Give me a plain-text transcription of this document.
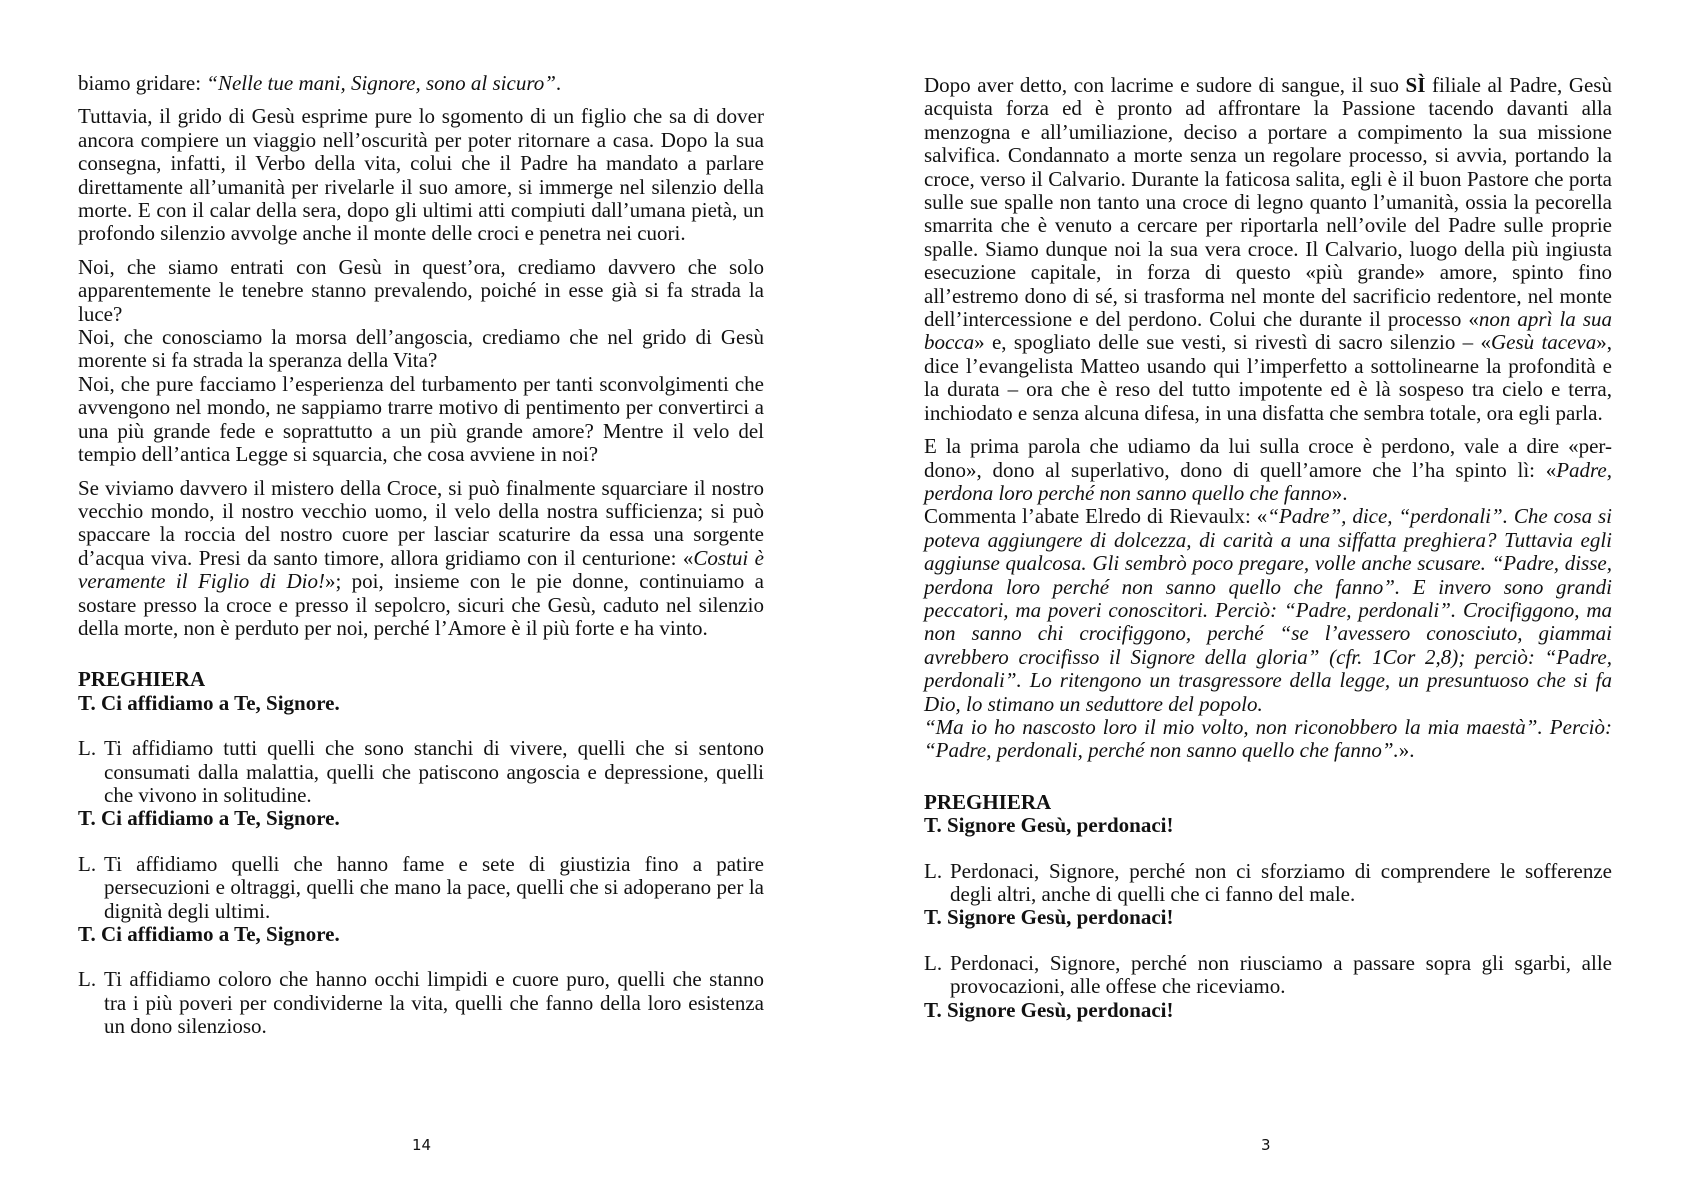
biamo gridare: “Nelle tue mani, Signore, sono al sicuro”.

Tuttavia, il grido di Gesù esprime pure lo sgomento di un figlio che sa di dover ancora compiere un viaggio nell’oscurità per poter ritornare a casa. Dopo la sua consegna, infatti, il Verbo della vita, colui che il Padre ha mandato a parlare direttamente all’umanità per rivelarle il suo amore, si immerge nel silenzio della morte. E con il calar della sera, dopo gli ultimi atti compiuti dall’umana pietà, un profondo silenzio avvolge anche il monte delle croci e penetra nei cuori.

Noi, che siamo entrati con Gesù in quest’ora, crediamo davvero che solo apparentemente le tenebre stanno prevalendo, poiché in esse già si fa strada la luce?

Noi, che conosciamo la morsa dell’angoscia, crediamo che nel grido di Gesù morente si fa strada la speranza della Vita?

Noi, che pure facciamo l’esperienza del turbamento per tanti sconvolgimenti che avvengono nel mondo, ne sappiamo trarre motivo di pentimento per convertirci a una più grande fede e soprattutto a un più grande amore? Mentre il velo del tempio dell’antica Legge si squarcia, che cosa avviene in noi?

Se viviamo davvero il mistero della Croce, si può finalmente squarciare il nostro vecchio mondo, il nostro vecchio uomo, il velo della nostra sufficienza; si può spaccare la roccia del nostro cuore per lasciar scaturire da essa una sorgente d’acqua viva. Presi da santo timore, allora gridiamo con il centurione: «Costui è veramente il Figlio di Dio!»; poi, insieme con le pie donne, continuiamo a sostare presso la croce e presso il sepolcro, sicuri che Gesù, caduto nel silenzio della morte, non è perduto per noi, perché l’Amore è il più forte e ha vinto.

PREGHIERA

T. Ci affidiamo a Te, Signore.

L. Ti affidiamo tutti quelli che sono stanchi di vivere, quelli che si sentono consumati dalla malattia, quelli che patiscono angoscia e depressione, quelli che vivono in solitudine.

T. Ci affidiamo a Te, Signore.

L. Ti affidiamo quelli che hanno fame e sete di giustizia fino a patire persecuzioni e oltraggi, quelli che mano la pace, quelli che si adoperano per la dignità degli ultimi.

T. Ci affidiamo a Te, Signore.

L. Ti affidiamo coloro che hanno occhi limpidi e cuore puro, quelli che stanno tra i più poveri per condividerne la vita, quelli che fanno della loro esistenza un dono silenzioso.
14

Dopo aver detto, con lacrime e sudore di sangue, il suo SÌ filiale al Padre, Gesù acquista forza ed è pronto ad affrontare la Passione tacendo davanti alla menzogna e all’umiliazione, deciso a portare a compimento la sua missione salvifica. Condannato a morte senza un regolare processo, si avvia, portando la croce, verso il Calvario. Durante la faticosa salita, egli è il buon Pastore che porta sulle sue spalle non tanto una croce di legno quanto l’umanità, ossia la pecorella smarrita che è venuto a cercare per riportarla nell’ovile del Padre sulle proprie spalle. Siamo dunque noi la sua vera croce. Il Calvario, luogo della più ingiusta esecuzione capitale, in forza di questo «più grande» amore, spinto fino all’estremo dono di sé, si trasforma nel monte del sacrificio redentore, nel monte dell’intercessione e del perdono. Colui che durante il processo «non aprì la sua bocca» e, spogliato delle sue vesti, si rivestì di sacro silenzio – «Gesù taceva», dice l’evangelista Matteo usando qui l’imperfetto a sottolinearne la profondità e la durata – ora che è reso del tutto impotente ed è là sospeso tra cielo e terra, inchiodato e senza alcuna difesa, in una disfatta che sembra totale, ora egli parla.

E la prima parola che udiamo da lui sulla croce è perdono, vale a dire «per-dono», dono al superlativo, dono di quell’amore che l’ha spinto lì: «Padre, perdona loro perché non sanno quello che fanno».

Commenta l’abate Elredo di Rievaulx: «“Padre”, dice, “perdonali”. Che cosa si poteva aggiungere di dolcezza, di carità a una siffatta preghiera? Tuttavia egli aggiunse qualcosa. Gli sembrò poco pregare, volle anche scusare. “Padre, disse, perdona loro perché non sanno quello che fanno”. E invero sono grandi peccatori, ma poveri conoscitori. Perciò: “Padre, perdonali”. Crocifiggono, ma non sanno chi crocifiggono, perché “se l’avessero conosciuto, giammai avrebbero crocifisso il Signore della gloria” (cfr. 1Cor 2,8); perciò: “Padre, perdonali”. Lo ritengono un trasgressore della legge, un presuntuoso che si fa Dio, lo stimano un seduttore del popolo.

“Ma io ho nascosto loro il mio volto, non riconobbero la mia maestà”. Perciò: “Padre, perdonali, perché non sanno quello che fanno”.».

PREGHIERA

T. Signore Gesù, perdonaci!

L. Perdonaci, Signore, perché non ci sforziamo di comprendere le sofferenze degli altri, anche di quelli che ci fanno del male.

T. Signore Gesù, perdonaci!

L. Perdonaci, Signore, perché non riusciamo a passare sopra gli sgarbi, alle provocazioni, alle offese che riceviamo.

T. Signore Gesù, perdonaci!

3
